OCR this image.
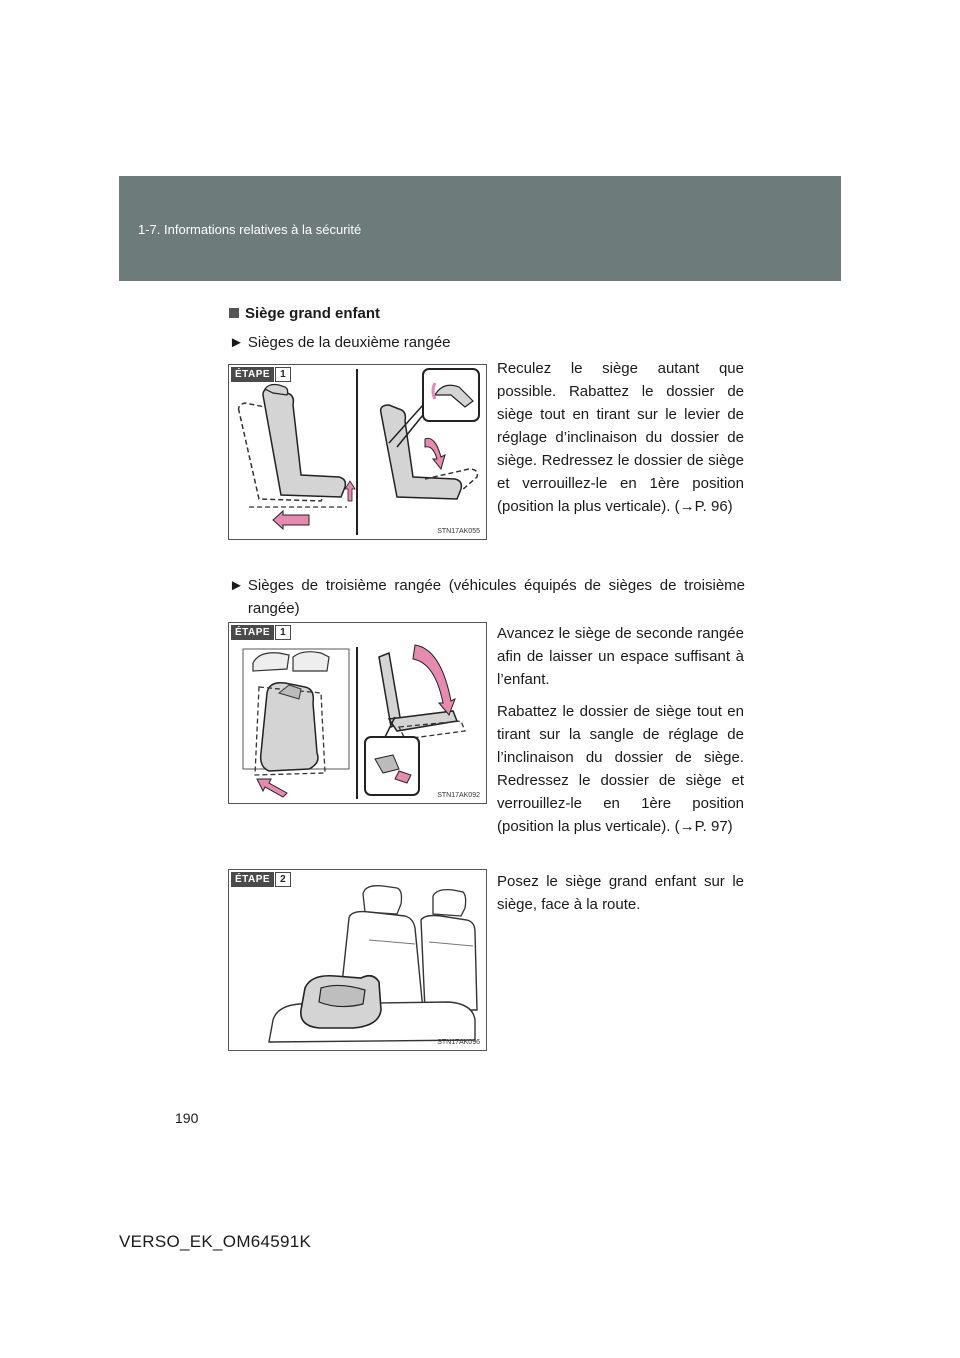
1-7. Informations relatives à la sécurité
Siège grand enfant
► Sièges de la deuxième rangée
ÉTAPE	1
STN17AK055
Reculez le siège autant que possible. Rabattez le dossier de siège tout en tirant sur le levier de réglage d’inclinaison du dossier de siège. Redressez le dossier de siège et verrouillez-le en 1ère position (position la plus verticale). (→P. 96)
► Sièges de troisième rangée (véhicules équipés de sièges de troisième rangée)
ÉTAPE	1
STN17AK092
Avancez le siège de seconde rangée afin de laisser un espace suffisant à l’enfant.
Rabattez le dossier de siège tout en tirant sur la sangle de réglage de l’inclinaison du dossier de siège. Redressez le dossier de siège et verrouillez-le en 1ère position (position la plus verticale). (→P. 97)
ÉTAPE	2
STN17AK096
Posez le siège grand enfant sur le siège, face à la route.
190
VERSO_EK_OM64591K
